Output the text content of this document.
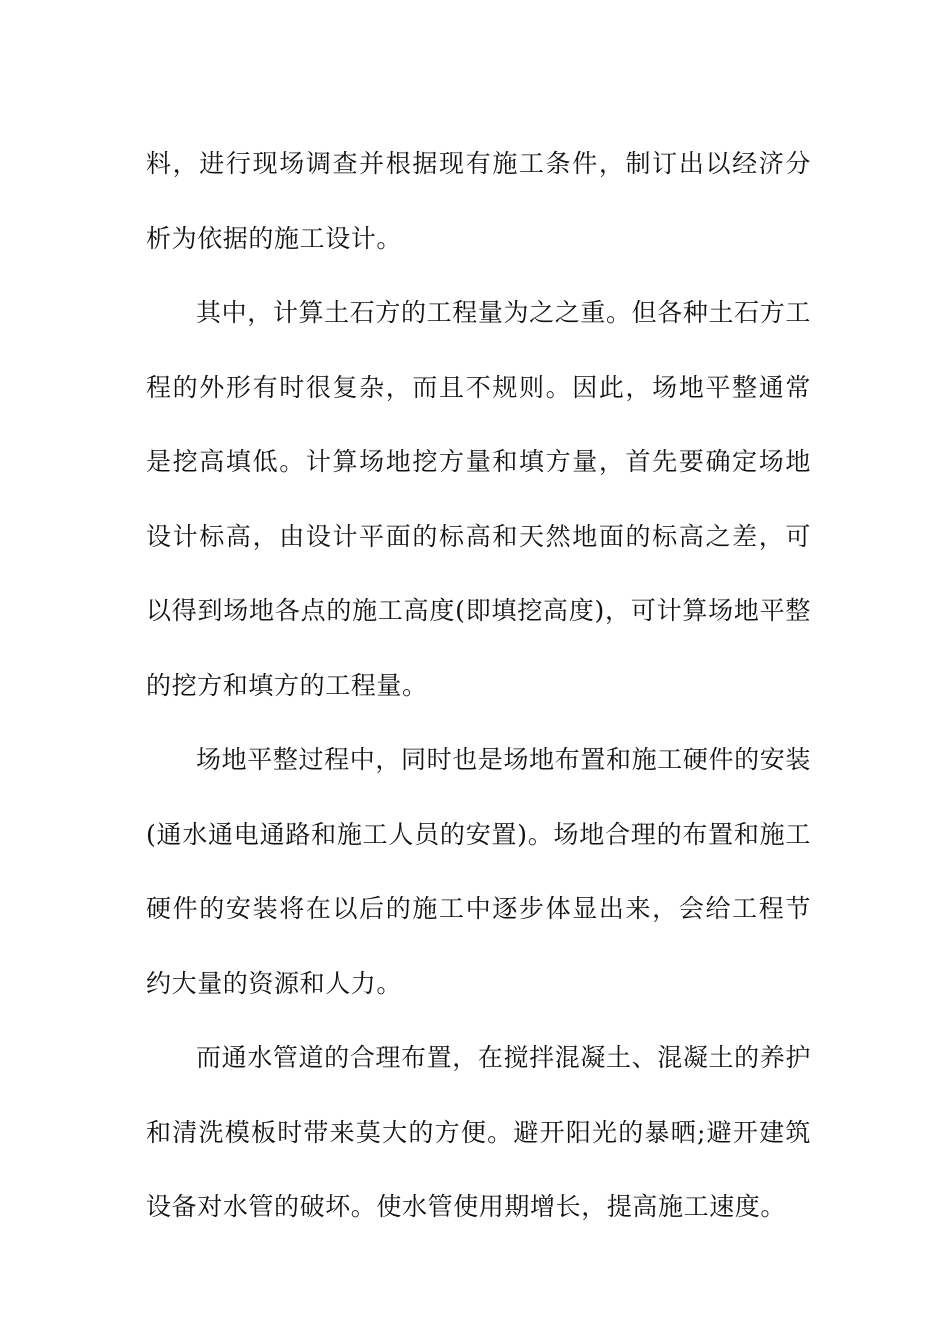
料，进行现场调查并根据现有施工条件，制订出以经济分析为依据的施工设计。

其中，计算土石方的工程量为之之重。但各种土石方工程的外形有时很复杂，而且不规则。因此，场地平整通常是挖高填低。计算场地挖方量和填方量，首先要确定场地设计标高，由设计平面的标高和天然地面的标高之差，可以得到场地各点的施工高度(即填挖高度)，可计算场地平整的挖方和填方的工程量。

场地平整过程中，同时也是场地布置和施工硬件的安装(通水通电通路和施工人员的安置)。场地合理的布置和施工硬件的安装将在以后的施工中逐步体显出来，会给工程节约大量的资源和人力。

而通水管道的合理布置，在搅拌混凝土、混凝土的养护和清洗模板时带来莫大的方便。避开阳光的暴晒;避开建筑设备对水管的破坏。使水管使用期增长，提高施工速度。
